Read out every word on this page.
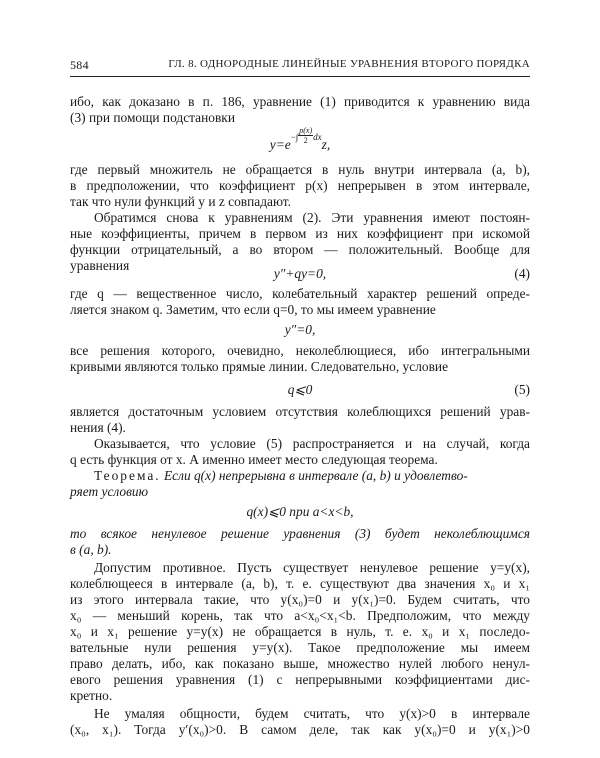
584	ГЛ. 8. ОДНОРОДНЫЕ ЛИНЕЙНЫЕ УРАВНЕНИЯ ВТОРОГО ПОРЯДКА
ибо, как доказано в п. 186, уравнение (1) приводится к уравнению вида
(3) при помощи подстановки
$y=e^{-\int} \frac{p(x)}{2}^{dx}z$,
где первый множитель не обращается в нуль внутри интервала (a, b),
в предположении, что коэффициент p(x) непрерывен в этом интервале,
так что нули функций y и z совпадают.
Обратимся снова к уравнениям (2). Эти уравнения имеют постоян-
ные коэффициенты, причем в первом из них коэффициент при искомой
функции отрицательный, а во втором — положительный. Вообще для
уравнения
y″+qy=0,	(4)
где q — вещественное число, колебательный характер решений опреде-
ляется знаком q. Заметим, что если q=0, то мы имеем уравнение
y″=0,
все решения которого, очевидно, неколеблющиеся, ибо интегральными
кривыми являются только прямые линии. Следовательно, условие
q⩽0	(5)
является достаточным условием отсутствия колеблющихся решений урав-
нения (4).
Оказывается, что условие (5) распространяется и на случай, когда
q есть функция от x. А именно имеет место следующая теорема.
Теорема. Если q(x) непрерывна в интервале (a, b) и удовлетво-
ряет условию
q(x)⩽0 при a<x<b,
то всякое ненулевое решение уравнения (3) будет неколеблющимся
в (a, b).
Допустим противное. Пусть существует ненулевое решение y=y(x),
колеблющееся в интервале (a, b), т. е. существуют два значения x₀ и x₁
из этого интервала такие, что y(x₀)=0 и y(x₁)=0. Будем считать, что
x₀ — меньший корень, так что a<x₀<x₁<b. Предположим, что между
x₀ и x₁ решение y=y(x) не обращается в нуль, т. е. x₀ и x₁ последо-
вательные нули решения y=y(x). Такое предположение мы имеем
право делать, ибо, как показано выше, множество нулей любого ненул-
евого решения уравнения (1) с непрерывными коэффициентами дис-
кретно.
Не умаляя общности, будем считать, что y(x)>0 в интервале
(x₀, x₁). Тогда y′(x₀)>0. В самом деле, так как y(x₀)=0 и y(x₁)>0
